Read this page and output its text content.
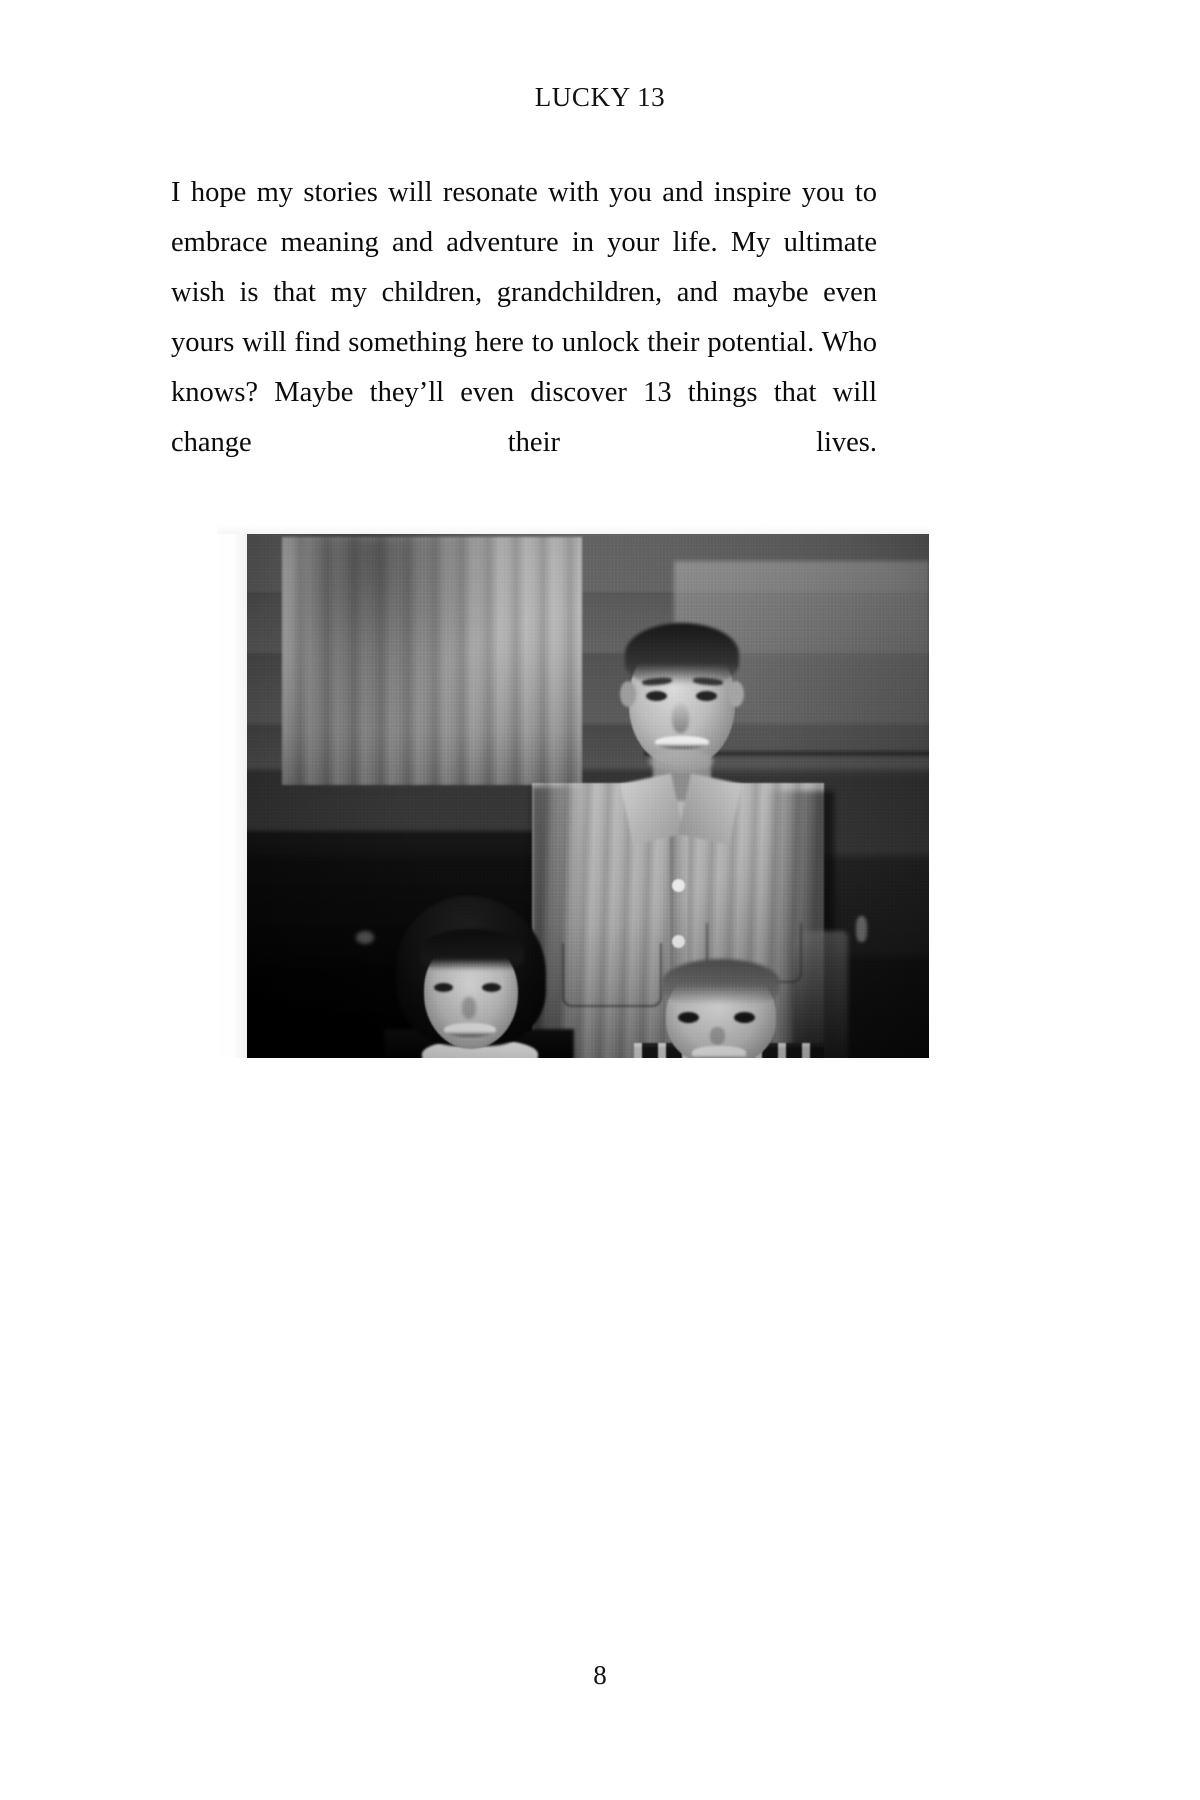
LUCKY 13

I hope my stories will resonate with you and inspire you to embrace meaning and adventure in your life. My ultimate wish is that my children, grandchildren, and maybe even yours will find something here to unlock their potential. Who knows? Maybe they’ll even discover 13 things that will change their lives.

8
